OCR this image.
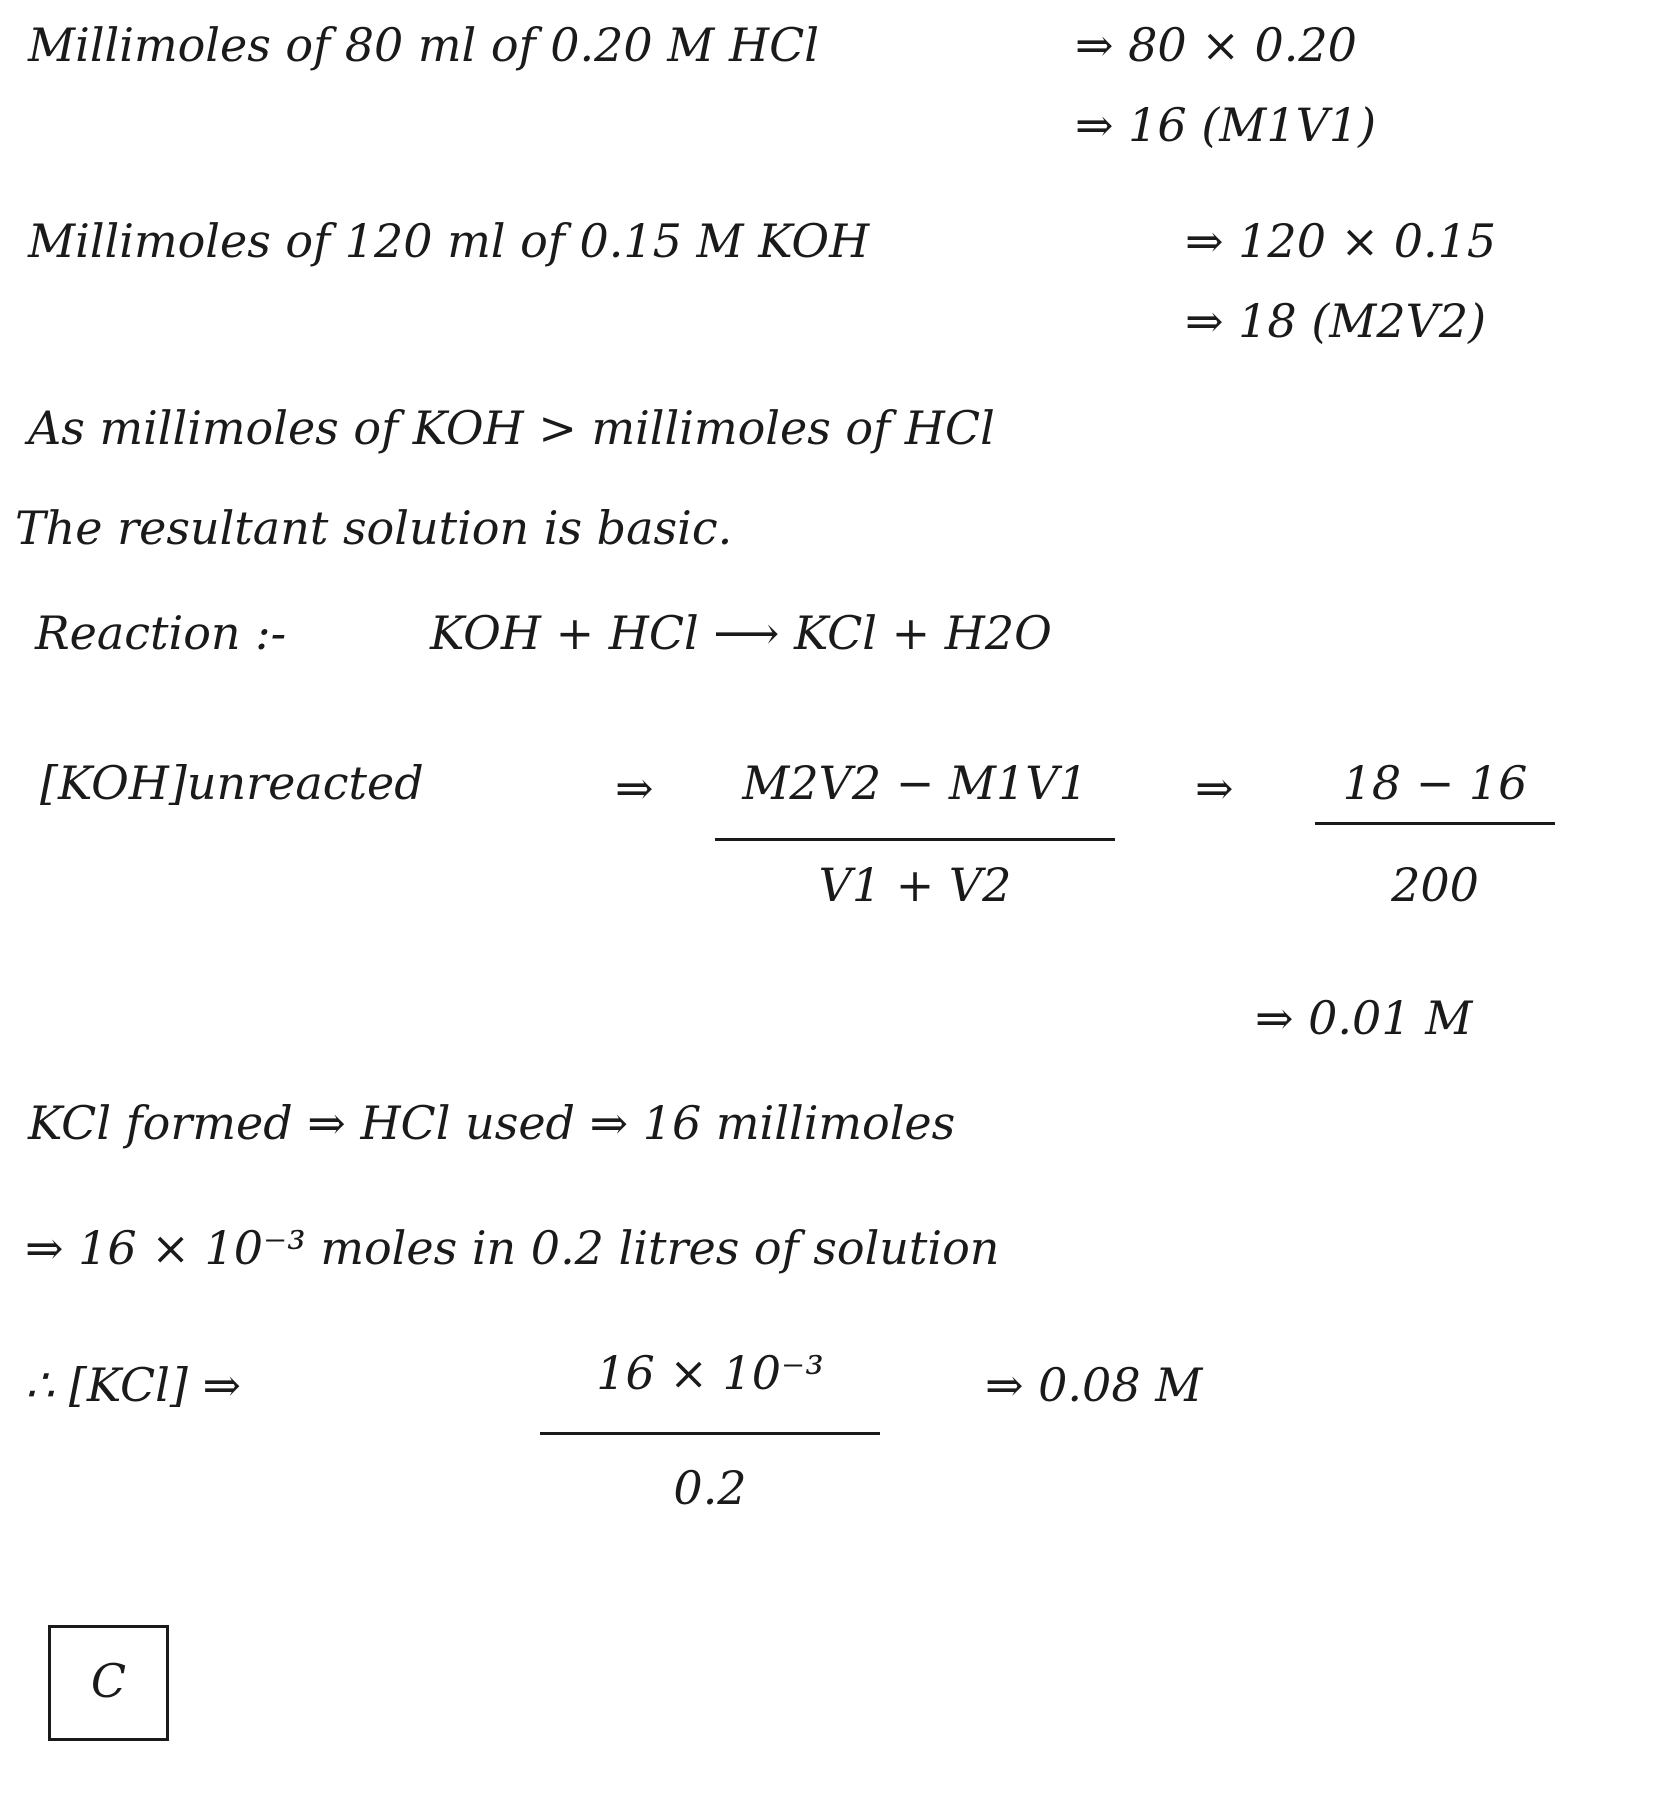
Millimoles of 80 ml of 0.20 M HCl	⇒ 80 × 0.20
⇒ 16 (M1V1)
Millimoles of 120 ml of 0.15 M KOH	⇒ 120 × 0.15
⇒ 18 (M2V2)
As millimoles of KOH > millimoles of HCl
The resultant solution is basic.
Reaction :-	KOH + HCl ⟶ KCl + H2O
[KOH]unreacted	⇒	M2V2 − M1V1
V1 + V2
⇒	18 − 16
200
⇒ 0.01 M
KCl formed ⇒ HCl used ⇒ 16 millimoles
⇒ 16 × 10⁻³ moles in 0.2 litres of solution
∴ [KCl] ⇒	16 × 10⁻³
0.2
⇒ 0.08 M
C
